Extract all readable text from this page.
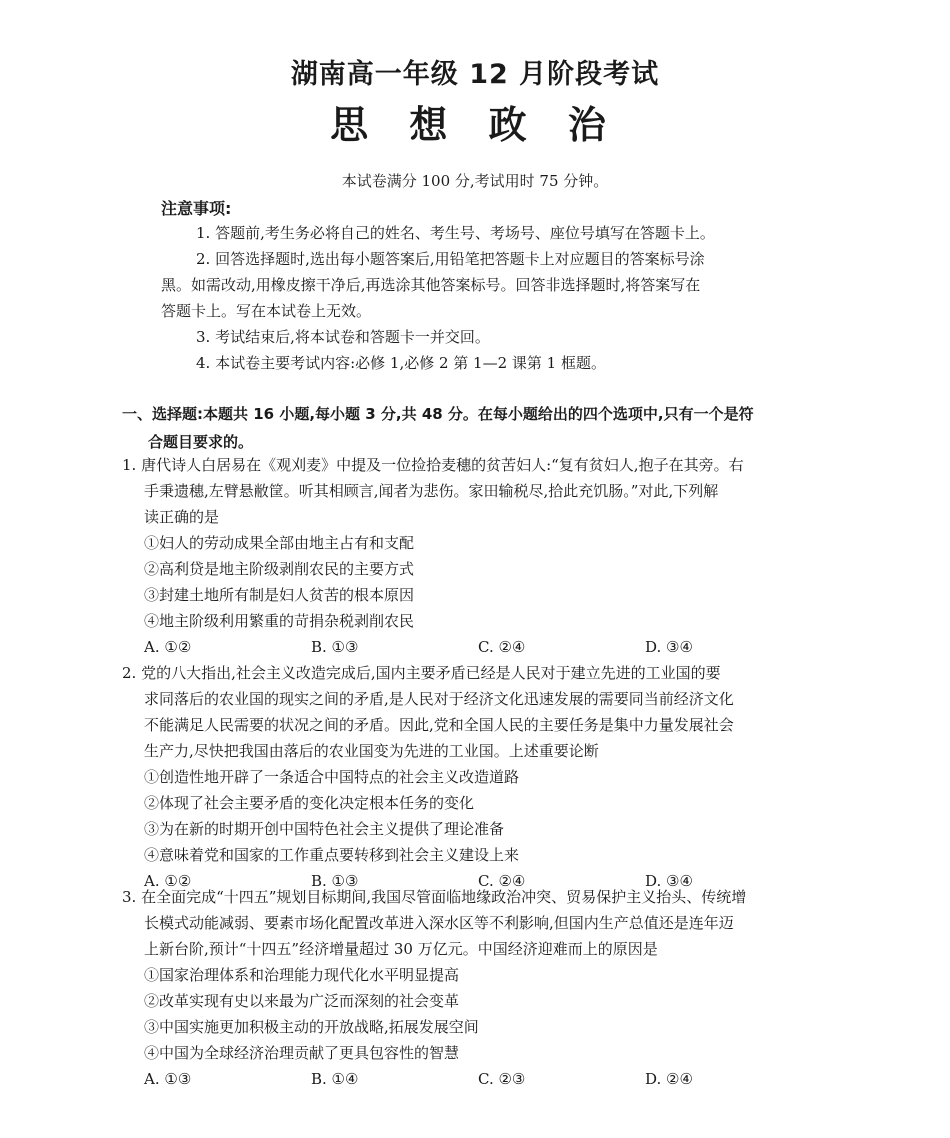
湖南高一年级 12 月阶段考试
思 想 政 治
本试卷满分 100 分,考试用时 75 分钟。
注意事项:
1. 答题前,考生务必将自己的姓名、考生号、考场号、座位号填写在答题卡上。
2. 回答选择题时,选出每小题答案后,用铅笔把答题卡上对应题目的答案标号涂
黑。如需改动,用橡皮擦干净后,再选涂其他答案标号。回答非选择题时,将答案写在
答题卡上。写在本试卷上无效。
3. 考试结束后,将本试卷和答题卡一并交回。
4. 本试卷主要考试内容:必修 1,必修 2 第 1—2 课第 1 框题。
一、选择题:本题共 16 小题,每小题 3 分,共 48 分。在每小题给出的四个选项中,只有一个是符
合题目要求的。
1. 唐代诗人白居易在《观刈麦》中提及一位捡拾麦穗的贫苦妇人:“复有贫妇人,抱子在其旁。右
手秉遗穗,左臂悬敝筐。听其相顾言,闻者为悲伤。家田输税尽,拾此充饥肠。”对此,下列解
读正确的是
①妇人的劳动成果全部由地主占有和支配
②高利贷是地主阶级剥削农民的主要方式
③封建土地所有制是妇人贫苦的根本原因
④地主阶级利用繁重的苛捐杂税剥削农民
A. ①②	B. ①③	C. ②④	D. ③④
2. 党的八大指出,社会主义改造完成后,国内主要矛盾已经是人民对于建立先进的工业国的要
求同落后的农业国的现实之间的矛盾,是人民对于经济文化迅速发展的需要同当前经济文化
不能满足人民需要的状况之间的矛盾。因此,党和全国人民的主要任务是集中力量发展社会
生产力,尽快把我国由落后的农业国变为先进的工业国。上述重要论断
①创造性地开辟了一条适合中国特点的社会主义改造道路
②体现了社会主要矛盾的变化决定根本任务的变化
③为在新的时期开创中国特色社会主义提供了理论准备
④意味着党和国家的工作重点要转移到社会主义建设上来
A. ①②	B. ①③	C. ②④	D. ③④
3. 在全面完成“十四五”规划目标期间,我国尽管面临地缘政治冲突、贸易保护主义抬头、传统增
长模式动能减弱、要素市场化配置改革进入深水区等不利影响,但国内生产总值还是连年迈
上新台阶,预计“十四五”经济增量超过 30 万亿元。中国经济迎难而上的原因是
①国家治理体系和治理能力现代化水平明显提高
②改革实现有史以来最为广泛而深刻的社会变革
③中国实施更加积极主动的开放战略,拓展发展空间
④中国为全球经济治理贡献了更具包容性的智慧
A. ①③	B. ①④	C. ②③	D. ②④
